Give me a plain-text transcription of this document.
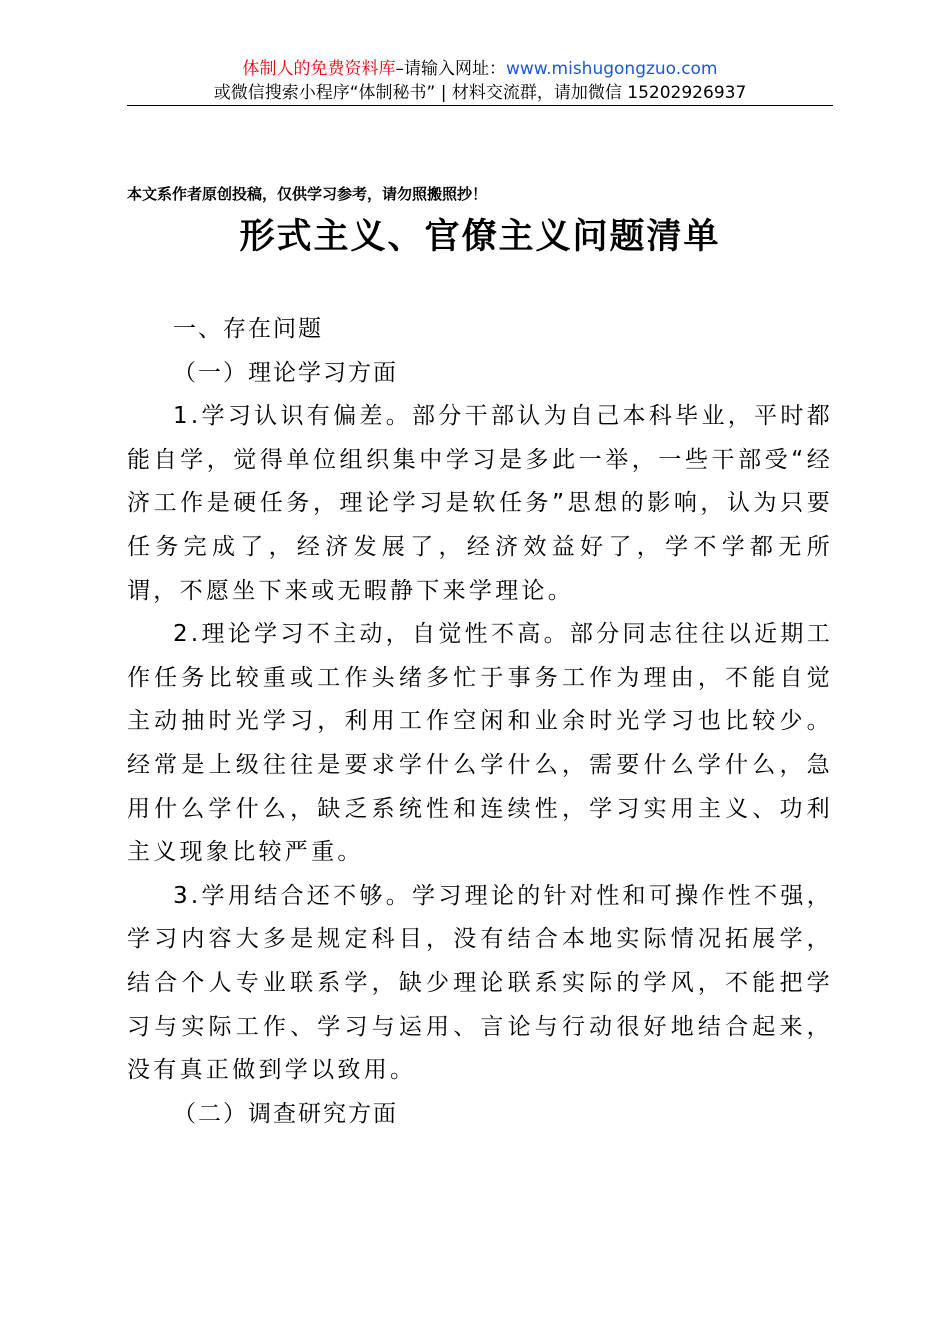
体制人的免费资料库–请输入网址：www.mishugongzuo.com
或微信搜索小程序“体制秘书” | 材料交流群，请加微信 15202926937
本文系作者原创投稿，仅供学习参考，请勿照搬照抄！
形式主义、官僚主义问题清单
一、存在问题
（一）理论学习方面

1.学习认识有偏差。部分干部认为自己本科毕业，平时都能自学，觉得单位组织集中学习是多此一举，一些干部受“经济工作是硬任务，理论学习是软任务”思想的影响，认为只要任务完成了，经济发展了，经济效益好了，学不学都无所谓，不愿坐下来或无暇静下来学理论。

2.理论学习不主动，自觉性不高。部分同志往往以近期工作任务比较重或工作头绪多忙于事务工作为理由，不能自觉主动抽时光学习，利用工作空闲和业余时光学习也比较少。经常是上级往往是要求学什么学什么，需要什么学什么，急用什么学什么，缺乏系统性和连续性，学习实用主义、功利主义现象比较严重。

3.学用结合还不够。学习理论的针对性和可操作性不强，学习内容大多是规定科目，没有结合本地实际情况拓展学，结合个人专业联系学，缺少理论联系实际的学风，不能把学习与实际工作、学习与运用、言论与行动很好地结合起来，没有真正做到学以致用。

（二）调查研究方面
